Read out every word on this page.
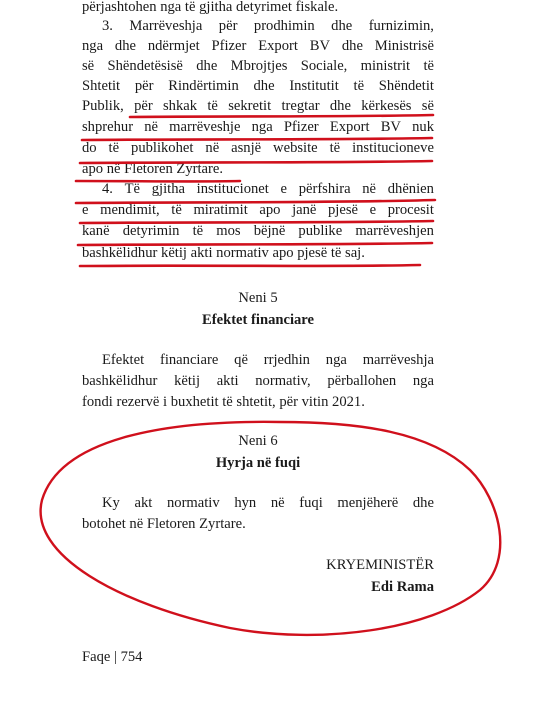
përjashtohen nga të gjitha detyrimet fiskale.
3. Marrëveshja për prodhimin dhe furnizimin,
nga dhe ndërmjet Pfizer Export BV dhe Ministrisë
së Shëndetësisë dhe Mbrojtjes Sociale, ministrit të
Shtetit për Rindërtimin dhe Institutit të Shëndetit
Publik, për shkak të sekretit tregtar dhe kërkesës së
shprehur në marrëveshje nga Pfizer Export BV nuk
do të publikohet në asnjë website të institucioneve
apo në Fletoren Zyrtare.
4. Të gjitha institucionet e përfshira në dhënien
e mendimit, të miratimit apo janë pjesë e procesit
kanë detyrimin të mos bëjnë publike marrëveshjen
bashkëlidhur këtij akti normativ apo pjesë të saj.
Neni 5
Efektet financiare
Efektet financiare që rrjedhin nga marrëveshja
bashkëlidhur këtij akti normativ, përballohen nga
fondi rezervë i buxhetit të shtetit, për vitin 2021.
Neni 6
Hyrja në fuqi
Ky akt normativ hyn në fuqi menjëherë dhe
botohet në Fletoren Zyrtare.
KRYEMINISTËR
Edi Rama
Faqe | 754
